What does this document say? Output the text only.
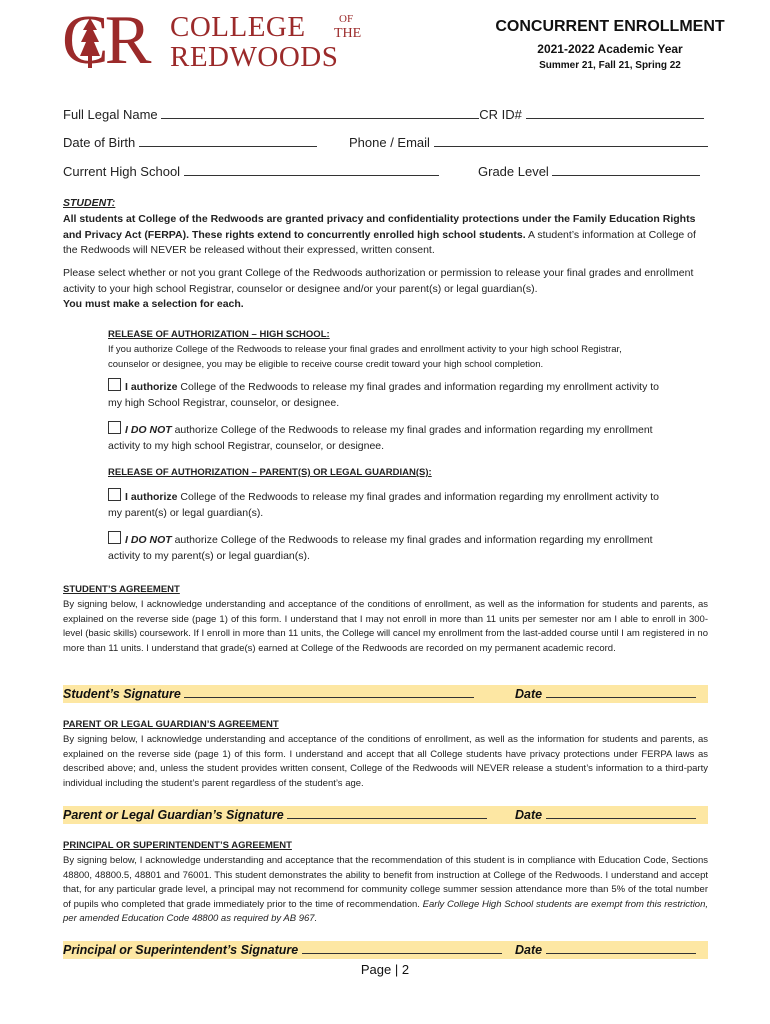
CR COLLEGE	OF
THE
REDWOODS
CONCURRENT ENROLLMENT
2021-2022 Academic Year
Summer 21, Fall 21, Spring 22
Full Legal Name	CR ID#
Date of Birth	Phone / Email
Current High School	Grade Level
STUDENT:
All students at College of the Redwoods are granted privacy and confidentiality protections under the Family Education Rights and Privacy Act (FERPA). These rights extend to concurrently enrolled high school students. A student’s information at College of the Redwoods will NEVER be released without their expressed, written consent.
Please select whether or not you grant College of the Redwoods authorization or permission to release your final grades and enrollment activity to your high school Registrar, counselor or designee and/or your parent(s) or legal guardian(s).
You must make a selection for each.
RELEASE OF AUTHORIZATION – HIGH SCHOOL:
If you authorize College of the Redwoods to release your final grades and enrollment activity to your high school Registrar, counselor or designee, you may be eligible to receive course credit toward your high school completion.
I authorize College of the Redwoods to release my final grades and information regarding my enrollment activity to my high School Registrar, counselor, or designee.
I DO NOT authorize College of the Redwoods to release my final grades and information regarding my enrollment activity to my high school Registrar, counselor, or designee.
RELEASE OF AUTHORIZATION – PARENT(S) OR LEGAL GUARDIAN(S):
I authorize College of the Redwoods to release my final grades and information regarding my enrollment activity to my parent(s) or legal guardian(s).
I DO NOT authorize College of the Redwoods to release my final grades and information regarding my enrollment activity to my parent(s) or legal guardian(s).
STUDENT’S AGREEMENT
By signing below, I acknowledge understanding and acceptance of the conditions of enrollment, as well as the information for students and parents, as explained on the reverse side (page 1) of this form. I understand that I may not enroll in more than 11 units per semester nor am I able to enroll in 300-level (basic skills) coursework. If I enroll in more than 11 units, the College will cancel my enrollment from the last-added course until I am registered in no more than 11 units. I understand that grade(s) earned at College of the Redwoods are recorded on my permanent academic record.
Student’s Signature	Date
PARENT OR LEGAL GUARDIAN’S AGREEMENT
By signing below, I acknowledge understanding and acceptance of the conditions of enrollment, as well as the information for students and parents, as explained on the reverse side (page 1) of this form. I understand and accept that all College students have privacy protections under FERPA laws as described above; and, unless the student provides written consent, College of the Redwoods will NEVER release a student’s information to a third-party individual including the student’s parent regardless of the student’s age.
Parent or Legal Guardian’s Signature	Date
PRINCIPAL OR SUPERINTENDENT’S AGREEMENT
By signing below, I acknowledge understanding and acceptance that the recommendation of this student is in compliance with Education Code, Sections 48800, 48800.5, 48801 and 76001. This student demonstrates the ability to benefit from instruction at College of the Redwoods. I understand and accept that, for any particular grade level, a principal may not recommend for community college summer session attendance more than 5% of the total number of pupils who completed that grade immediately prior to the time of recommendation. Early College High School students are exempt from this restriction, per amended Education Code 48800 as required by AB 967.
Principal or Superintendent’s Signature	Date
Page | 2
